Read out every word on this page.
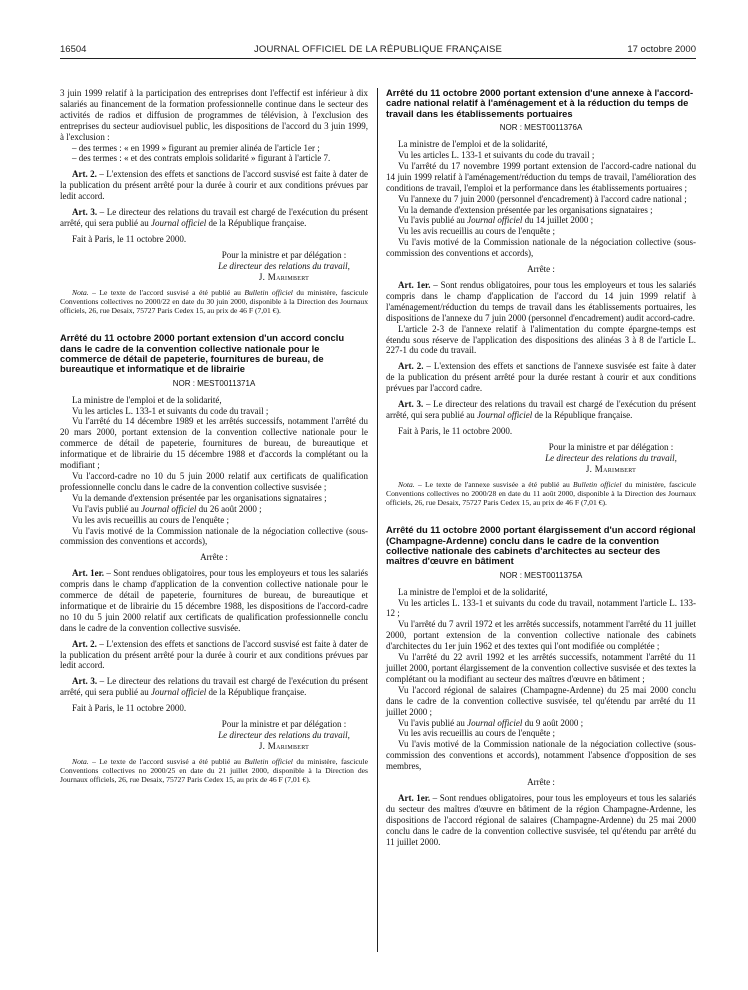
16504	JOURNAL OFFICIEL DE LA RÉPUBLIQUE FRANÇAISE	17 octobre 2000

3 juin 1999 relatif à la participation des entreprises dont l'effectif est inférieur à dix salariés au financement de la formation professionnelle continue dans le secteur des activités de radios et diffusion de programmes de télévision, à l'exclusion des entreprises du secteur audiovisuel public, les dispositions de l'accord du 3 juin 1999, à l'exclusion :

– des termes : « en 1999 » figurant au premier alinéa de l'article 1er ;

– des termes : « et des contrats emplois solidarité » figurant à l'article 7.

Art. 2. – L'extension des effets et sanctions de l'accord susvisé est faite à dater de la publication du présent arrêté pour la durée à courir et aux conditions prévues par ledit accord.

Art. 3. – Le directeur des relations du travail est chargé de l'exécution du présent arrêté, qui sera publié au Journal officiel de la République française.

Fait à Paris, le 11 octobre 2000.

Pour la ministre et par délégation :

Le directeur des relations du travail,

J. Marimbert

Nota. – Le texte de l'accord susvisé a été publié au Bulletin officiel du ministère, fascicule Conventions collectives no 2000/22 en date du 30 juin 2000, disponible à la Direction des Journaux officiels, 26, rue Desaix, 75727 Paris Cedex 15, au prix de 46 F (7,01 €).

Arrêté du 11 octobre 2000 portant extension d'un accord conclu dans le cadre de la convention collective nationale pour le commerce de détail de papeterie, fournitures de bureau, de bureautique et informatique et de librairie

NOR : MEST0011371A

La ministre de l'emploi et de la solidarité,

Vu les articles L. 133-1 et suivants du code du travail ;

Vu l'arrêté du 14 décembre 1989 et les arrêtés successifs, notamment l'arrêté du 20 mars 2000, portant extension de la convention collective nationale pour le commerce de détail de papeterie, fournitures de bureau, de bureautique et informatique et de librairie du 15 décembre 1988 et d'accords la complétant ou la modifiant ;

Vu l'accord-cadre no 10 du 5 juin 2000 relatif aux certificats de qualification professionnelle conclu dans le cadre de la convention collective susvisée ;

Vu la demande d'extension présentée par les organisations signataires ;

Vu l'avis publié au Journal officiel du 26 août 2000 ;

Vu les avis recueillis au cours de l'enquête ;

Vu l'avis motivé de la Commission nationale de la négociation collective (sous-commission des conventions et accords),

Arrête :

Art. 1er. – Sont rendues obligatoires, pour tous les employeurs et tous les salariés compris dans le champ d'application de la convention collective nationale pour le commerce de détail de papeterie, fournitures de bureau, de bureautique et informatique et de librairie du 15 décembre 1988, les dispositions de l'accord-cadre no 10 du 5 juin 2000 relatif aux certificats de qualification professionnelle conclu dans le cadre de la convention collective susvisée.

Art. 2. – L'extension des effets et sanctions de l'accord susvisé est faite à dater de la publication du présent arrêté pour la durée à courir et aux conditions prévues par ledit accord.

Art. 3. – Le directeur des relations du travail est chargé de l'exécution du présent arrêté, qui sera publié au Journal officiel de la République française.

Fait à Paris, le 11 octobre 2000.

Pour la ministre et par délégation :

Le directeur des relations du travail,

J. Marimbert

Nota. – Le texte de l'accord susvisé a été publié au Bulletin officiel du ministère, fascicule Conventions collectives no 2000/25 en date du 21 juillet 2000, disponible à la Direction des Journaux officiels, 26, rue Desaix, 75727 Paris Cedex 15, au prix de 46 F (7,01 €).

Arrêté du 11 octobre 2000 portant extension d'une annexe à l'accord-cadre national relatif à l'aménagement et à la réduction du temps de travail dans les établissements portuaires

NOR : MEST0011376A

La ministre de l'emploi et de la solidarité,

Vu les articles L. 133-1 et suivants du code du travail ;

Vu l'arrêté du 17 novembre 1999 portant extension de l'accord-cadre national du 14 juin 1999 relatif à l'aménagement/réduction du temps de travail, l'amélioration des conditions de travail, l'emploi et la performance dans les établissements portuaires ;

Vu l'annexe du 7 juin 2000 (personnel d'encadrement) à l'accord cadre national ;

Vu la demande d'extension présentée par les organisations signataires ;

Vu l'avis publié au Journal officiel du 14 juillet 2000 ;

Vu les avis recueillis au cours de l'enquête ;

Vu l'avis motivé de la Commission nationale de la négociation collective (sous-commission des conventions et accords),

Arrête :

Art. 1er. – Sont rendus obligatoires, pour tous les employeurs et tous les salariés compris dans le champ d'application de l'accord du 14 juin 1999 relatif à l'aménagement/réduction du temps de travail dans les établissements portuaires, les dispositions de l'annexe du 7 juin 2000 (personnel d'encadrement) audit accord-cadre.

L'article 2-3 de l'annexe relatif à l'alimentation du compte épargne-temps est étendu sous réserve de l'application des dispositions des alinéas 3 à 8 de l'article L. 227-1 du code du travail.

Art. 2. – L'extension des effets et sanctions de l'annexe susvisée est faite à dater de la publication du présent arrêté pour la durée restant à courir et aux conditions prévues par l'accord cadre.

Art. 3. – Le directeur des relations du travail est chargé de l'exécution du présent arrêté, qui sera publié au Journal officiel de la République française.

Fait à Paris, le 11 octobre 2000.

Pour la ministre et par délégation :

Le directeur des relations du travail,

J. Marimbert

Nota. – Le texte de l'annexe susvisée a été publié au Bulletin officiel du ministère, fascicule Conventions collectives no 2000/28 en date du 11 août 2000, disponible à la Direction des Journaux officiels, 26, rue Desaix, 75727 Paris Cedex 15, au prix de 46 F (7,01 €).

Arrêté du 11 octobre 2000 portant élargissement d'un accord régional (Champagne-Ardenne) conclu dans le cadre de la convention collective nationale des cabinets d'architectes au secteur des maîtres d'œuvre en bâtiment

NOR : MEST0011375A

La ministre de l'emploi et de la solidarité,

Vu les articles L. 133-1 et suivants du code du travail, notamment l'article L. 133-12 ;

Vu l'arrêté du 7 avril 1972 et les arrêtés successifs, notamment l'arrêté du 11 juillet 2000, portant extension de la convention collective nationale des cabinets d'architectes du 1er juin 1962 et des textes qui l'ont modifiée ou complétée ;

Vu l'arrêté du 22 avril 1992 et les arrêtés successifs, notamment l'arrêté du 11 juillet 2000, portant élargissement de la convention collective susvisée et des textes la complétant ou la modifiant au secteur des maîtres d'œuvre en bâtiment ;

Vu l'accord régional de salaires (Champagne-Ardenne) du 25 mai 2000 conclu dans le cadre de la convention collective susvisée, tel qu'étendu par arrêté du 11 juillet 2000 ;

Vu l'avis publié au Journal officiel du 9 août 2000 ;

Vu les avis recueillis au cours de l'enquête ;

Vu l'avis motivé de la Commission nationale de la négociation collective (sous-commission des conventions et accords), notamment l'absence d'opposition de ses membres,

Arrête :

Art. 1er. – Sont rendues obligatoires, pour tous les employeurs et tous les salariés du secteur des maîtres d'œuvre en bâtiment de la région Champagne-Ardenne, les dispositions de l'accord régional de salaires (Champagne-Ardenne) du 25 mai 2000 conclu dans le cadre de la convention collective susvisée, tel qu'étendu par arrêté du 11 juillet 2000.
